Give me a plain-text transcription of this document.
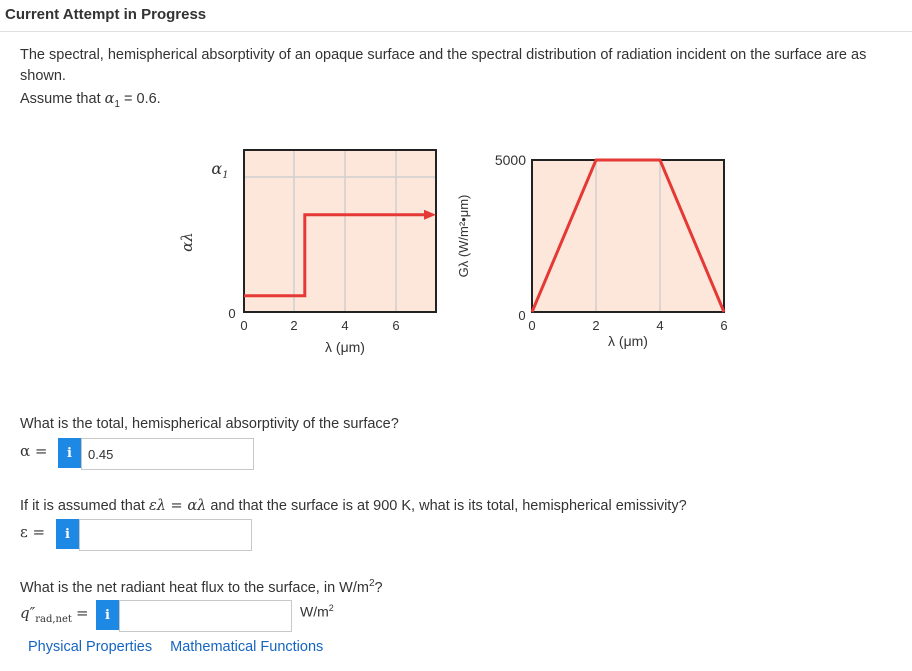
Current Attempt in Progress

The spectral, hemispherical absorptivity of an opaque surface and the spectral distribution of radiation incident on the surface are as shown.

Assume that $\alpha_1 = 0.6$.

αλ
$\alpha_1$
0
0	2	4	6
λ (μm)
Gλ (W/m²•μm)
5000
0
0	2	4	6
λ (μm)
What is the total, hemispherical absorptivity of the surface?
α =	i	0.45
If it is assumed that ελ = αλ and that the surface is at 900 K, what is its total, hemispherical emissivity?
ε =	i
What is the net radiant heat flux to the surface, in $W/m^2$?
$q''_{rad,net}$ =	i	$W/m^2$
Physical Properties Mathematical Functions
